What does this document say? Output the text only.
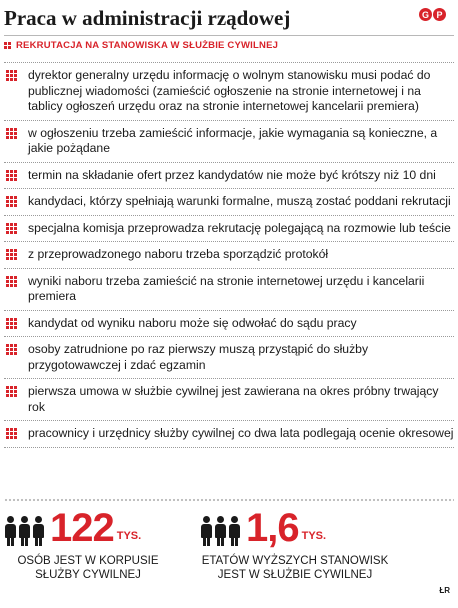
Praca w administracji rządowej	G P
REKRUTACJA NA STANOWISKA W SŁUŻBIE CYWILNEJ
dyrektor generalny urzędu informację o wolnym stanowisku musi podać do publicznej wiadomości (zamieścić ogłoszenie na stronie internetowej i na tablicy ogłoszeń urzędu oraz na stronie internetowej kancelarii premiera)
w ogłoszeniu trzeba zamieścić informacje, jakie wymagania są konieczne, a jakie pożądane
termin na składanie ofert przez kandydatów nie może być krótszy niż 10 dni
kandydaci, którzy spełniają warunki formalne, muszą zostać poddani rekrutacji
specjalna komisja przeprowadza rekrutację polegającą na rozmowie lub teście
z przeprowadzonego naboru trzeba sporządzić protokół
wyniki naboru trzeba zamieścić na stronie internetowej urzędu i kancelarii premiera
kandydat od wyniku naboru może się odwołać do sądu pracy
osoby zatrudnione po raz pierwszy muszą przystąpić do służby przygotowawczej i zdać egzamin
pierwsza umowa w służbie cywilnej jest zawierana na okres próbny trwający rok
pracownicy i urzędnicy służby cywilnej co dwa lata podlegają ocenie okresowej
122 TYS.
OSÓB JEST W KORPUSIE SŁUŻBY CYWILNEJ
1,6 TYS.
ETATÓW WYŻSZYCH STANOWISK JEST W SŁUŻBIE CYWILNEJ
ŁR
